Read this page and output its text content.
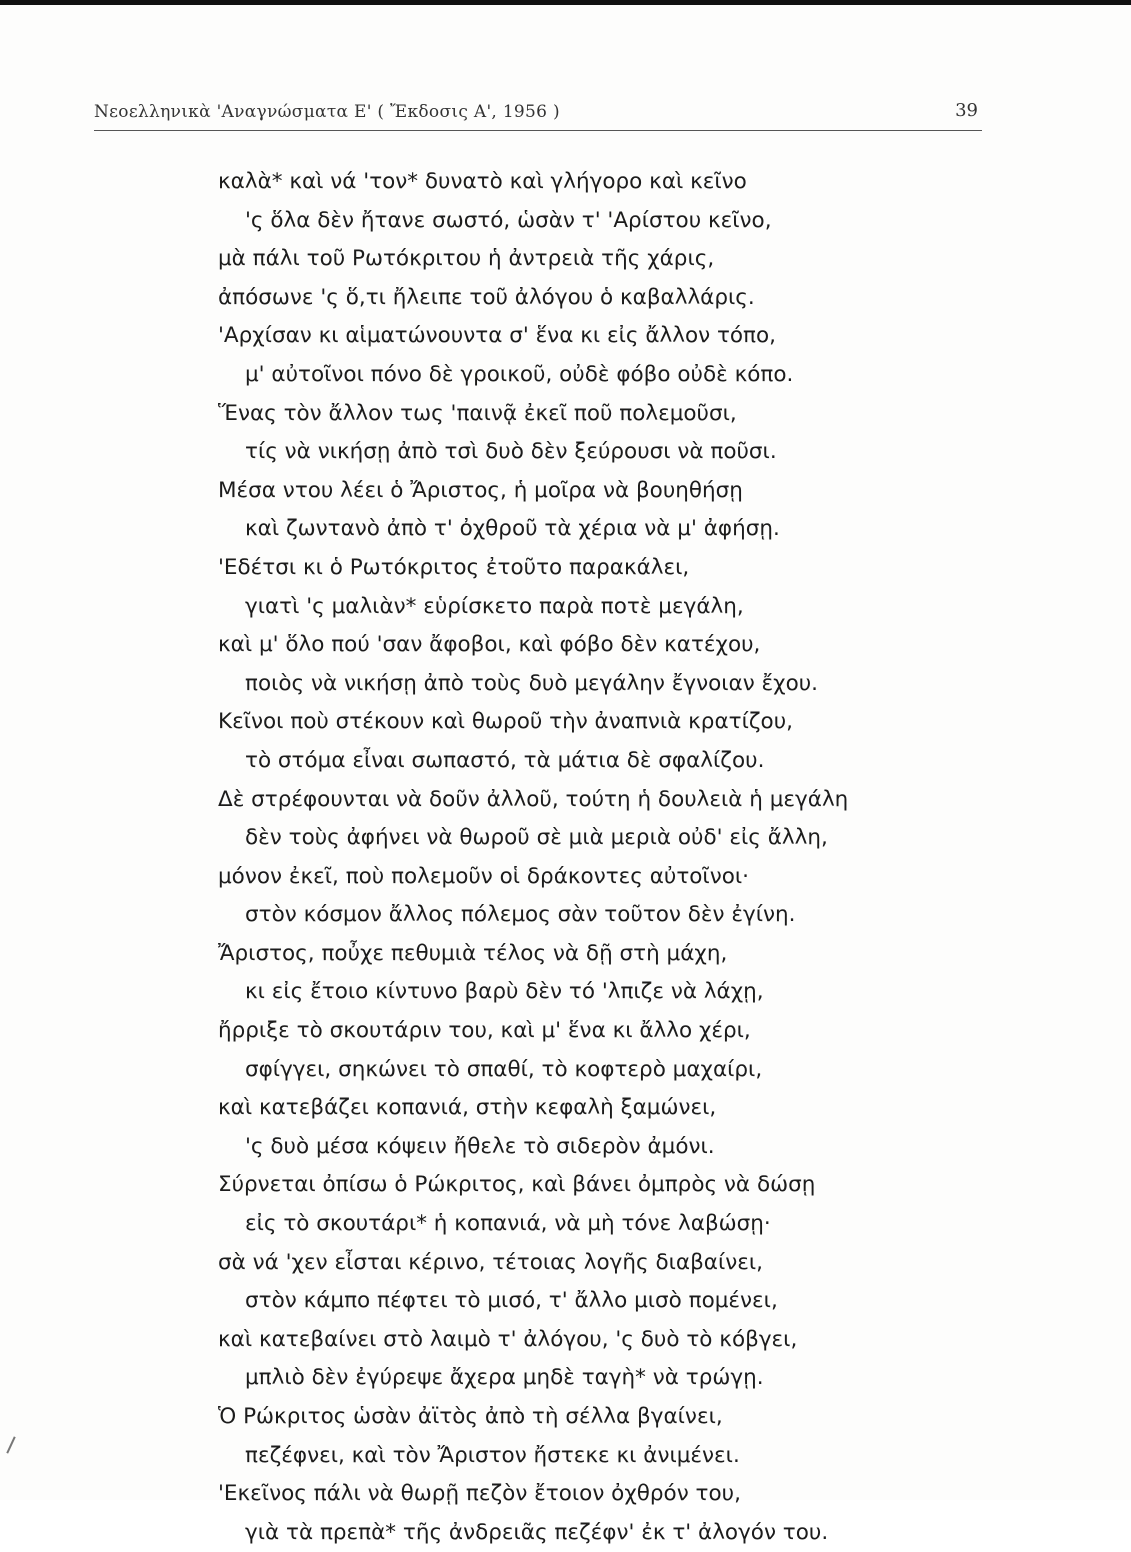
Νεοελληνικὰ 'Αναγνώσματα Ε' ( Ἔκδοσις Α', 1956 )	39
καλὰ* καὶ νά 'τον* δυνατὸ καὶ γλήγορο καὶ κεῖνο
'ς ὅλα δὲν ἤτανε σωστό, ὡσὰν τ' 'Αρίστου κεῖνο,
μὰ πάλι τοῦ Ρωτόκριτου ἡ ἀντρειὰ τῆς χάρις,
ἀπόσωνε 'ς ὅ,τι ἤλειπε τοῦ ἀλόγου ὁ καβαλλάρις.
'Αρχίσαν κι αἱματώνουντα σ' ἕνα κι εἰς ἄλλον τόπο,
μ' αὐτοῖνοι πόνο δὲ γροικοῦ, οὐδὲ φόβο οὐδὲ κόπο.
Ἕνας τὸν ἄλλον τως 'παινᾷ ἐκεῖ ποῦ πολεμοῦσι,
τίς νὰ νικήσῃ ἀπὸ τσὶ δυὸ δὲν ξεύρουσι νὰ ποῦσι.
Μέσα ντου λέει ὁ Ἄριστος, ἡ μοῖρα νὰ βουηθήσῃ
καὶ ζωντανὸ ἀπὸ τ' ὀχθροῦ τὰ χέρια νὰ μ' ἀφήσῃ.
'Εδέτσι κι ὁ Ρωτόκριτος ἐτοῦτο παρακάλει,
γιατὶ 'ς μαλιὰν* εὑρίσκετο παρὰ ποτὲ μεγάλη,
καὶ μ' ὅλο πού 'σαν ἄφοβοι, καὶ φόβο δὲν κατέχου,
ποιὸς νὰ νικήσῃ ἀπὸ τοὺς δυὸ μεγάλην ἔγνοιαν ἔχου.
Κεῖνοι ποὺ στέκουν καὶ θωροῦ τὴν ἀναπνιὰ κρατίζου,
τὸ στόμα εἶναι σωπαστό, τὰ μάτια δὲ σφαλίζου.
Δὲ στρέφουνται νὰ δοῦν ἀλλοῦ, τούτη ἡ δουλειὰ ἡ μεγάλη
δὲν τοὺς ἀφήνει νὰ θωροῦ σὲ μιὰ μεριὰ οὐδ' εἰς ἄλλη,
μόνον ἐκεῖ, ποὺ πολεμοῦν οἱ δράκοντες αὐτοῖνοι·
στὸν κόσμον ἄλλος πόλεμος σὰν τοῦτον δὲν ἐγίνη.
Ἄριστος, ποὖχε πεθυμιὰ τέλος νὰ δῇ στὴ μάχη,
κι εἰς ἔτοιο κίντυνο βαρὺ δὲν τό 'λπιζε νὰ λάχῃ,
ἤρριξε τὸ σκουτάριν του, καὶ μ' ἕνα κι ἄλλο χέρι,
σφίγγει, σηκώνει τὸ σπαθί, τὸ κοφτερὸ μαχαίρι,
καὶ κατεβάζει κοπανιά, στὴν κεφαλὴ ξαμώνει,
'ς δυὸ μέσα κόψειν ἤθελε τὸ σιδερὸν ἀμόνι.
Σύρνεται ὀπίσω ὁ Ρώκριτος, καὶ βάνει ὀμπρὸς νὰ δώσῃ
εἰς τὸ σκουτάρι* ἡ κοπανιά, νὰ μὴ τόνε λαβώσῃ·
σὰ νά 'χεν εἶσται κέρινο, τέτοιας λογῆς διαβαίνει,
στὸν κάμπο πέφτει τὸ μισό, τ' ἄλλο μισὸ πομένει,
καὶ κατεβαίνει στὸ λαιμὸ τ' ἀλόγου, 'ς δυὸ τὸ κόβγει,
μπλιὸ δὲν ἐγύρεψε ἄχερα μηδὲ ταγὴ* νὰ τρώγῃ.
Ὁ Ρώκριτος ὡσὰν ἀϊτὸς ἀπὸ τὴ σέλλα βγαίνει,
πεζέφνει, καὶ τὸν Ἄριστον ἤστεκε κι ἀνιμένει.
'Εκεῖνος πάλι νὰ θωρῇ πεζὸν ἔτοιον ὀχθρόν του,
γιὰ τὰ πρεπὰ* τῆς ἀνδρειᾶς πεζέφν' ἐκ τ' ἀλογόν του.
